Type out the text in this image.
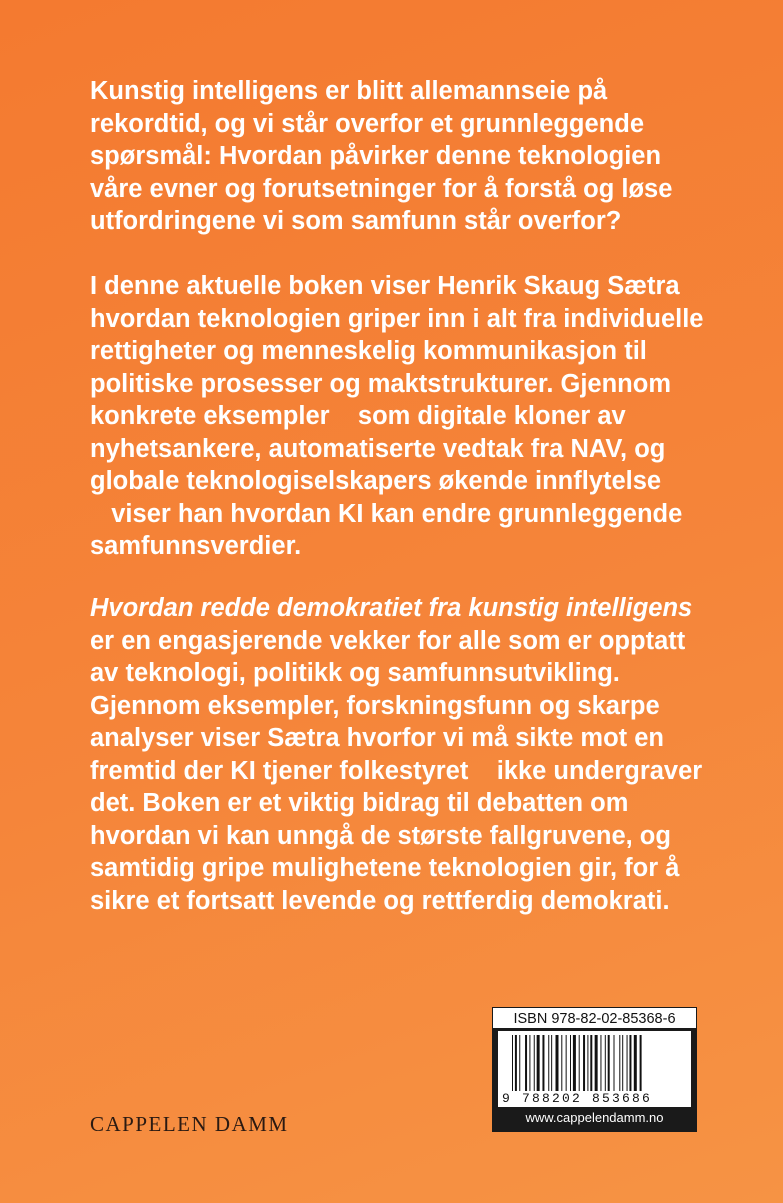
Kunstig intelligens er blitt allemannseie på
rekordtid, og vi står overfor et grunnleggende
spørsmål: Hvordan påvirker denne teknologien
våre evner og forutsetninger for å forstå og løse
utfordringene vi som samfunn står overfor?
I denne aktuelle boken viser Henrik Skaug Sætra
hvordan teknologien griper inn i alt fra individuelle
rettigheter og menneskelig kommunikasjon til
politiske prosesser og maktstrukturer. Gjennom
konkrete eksempler    som digitale kloner av
nyhetsankere, automatiserte vedtak fra NAV, og
globale teknologiselskapers økende innflytelse
viser han hvordan KI kan endre grunnleggende
samfunnsverdier.
Hvordan redde demokratiet fra kunstig intelligens
er en engasjerende vekker for alle som er opptatt
av teknologi, politikk og samfunnsutvikling.
Gjennom eksempler, forskningsfunn og skarpe
analyser viser Sætra hvorfor vi må sikte mot en
fremtid der KI tjener folkestyret    ikke undergraver
det. Boken er et viktig bidrag til debatten om
hvordan vi kan unngå de største fallgruvene, og
samtidig gripe mulighetene teknologien gir, for å
sikre et fortsatt levende og rettferdig demokrati.
CAPPELEN DAMM
ISBN 978-82-02-85368-6
9 788202 853686
www.cappelendamm.no
